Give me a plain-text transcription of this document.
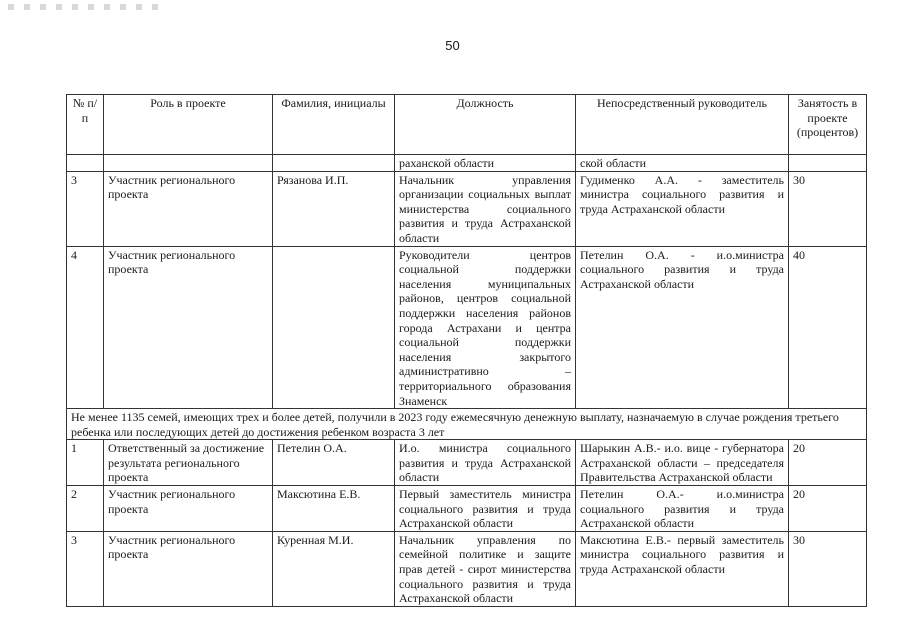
50
№ п/п	Роль в проекте	Фамилия, инициалы	Должность	Непосредственный руководитель	Занятость в проекте (процентов)
			раханской области	ской области	
3	Участник регионального проекта	Рязанова И.П.	Начальник управления организации социальных выплат министерства социального развития и труда Астраханской области	Гудименко А.А. - заместитель министра социального развития и труда Астраханской области	30
4	Участник регионального проекта		Руководители центров социальной поддержки населения муниципальных районов, центров социальной поддержки населения районов города Астрахани и центра социальной поддержки населения закрытого административно – территориального образования Знаменск	Петелин О.А. - и.о.министра социального развития и труда Астраханской области	40
Не менее 1135 семей, имеющих трех и более детей, получили в 2023 году ежемесячную денежную выплату, назначаемую в случае рождения третьего ребенка или последующих детей до достижения ребенком возраста 3 лет					
1	Ответственный за достижение результата регионального проекта	Петелин О.А.	И.о. министра социального развития и труда Астраханской области	Шарыкин А.В.- и.о. вице - губернатора Астраханской области – председателя Правительства Астраханской области	20
2	Участник регионального проекта	Максютина Е.В.	Первый заместитель министра социального развития и труда Астраханской области	Петелин О.А.- и.о.министра социального развития и труда Астраханской области	20
3	Участник регионального проекта	Куренная М.И.	Начальник управления по семейной политике и защите прав детей - сирот министерства социального развития и труда Астраханской области	Максютина Е.В.- первый заместитель министра социального развития и труда Астраханской области	30
